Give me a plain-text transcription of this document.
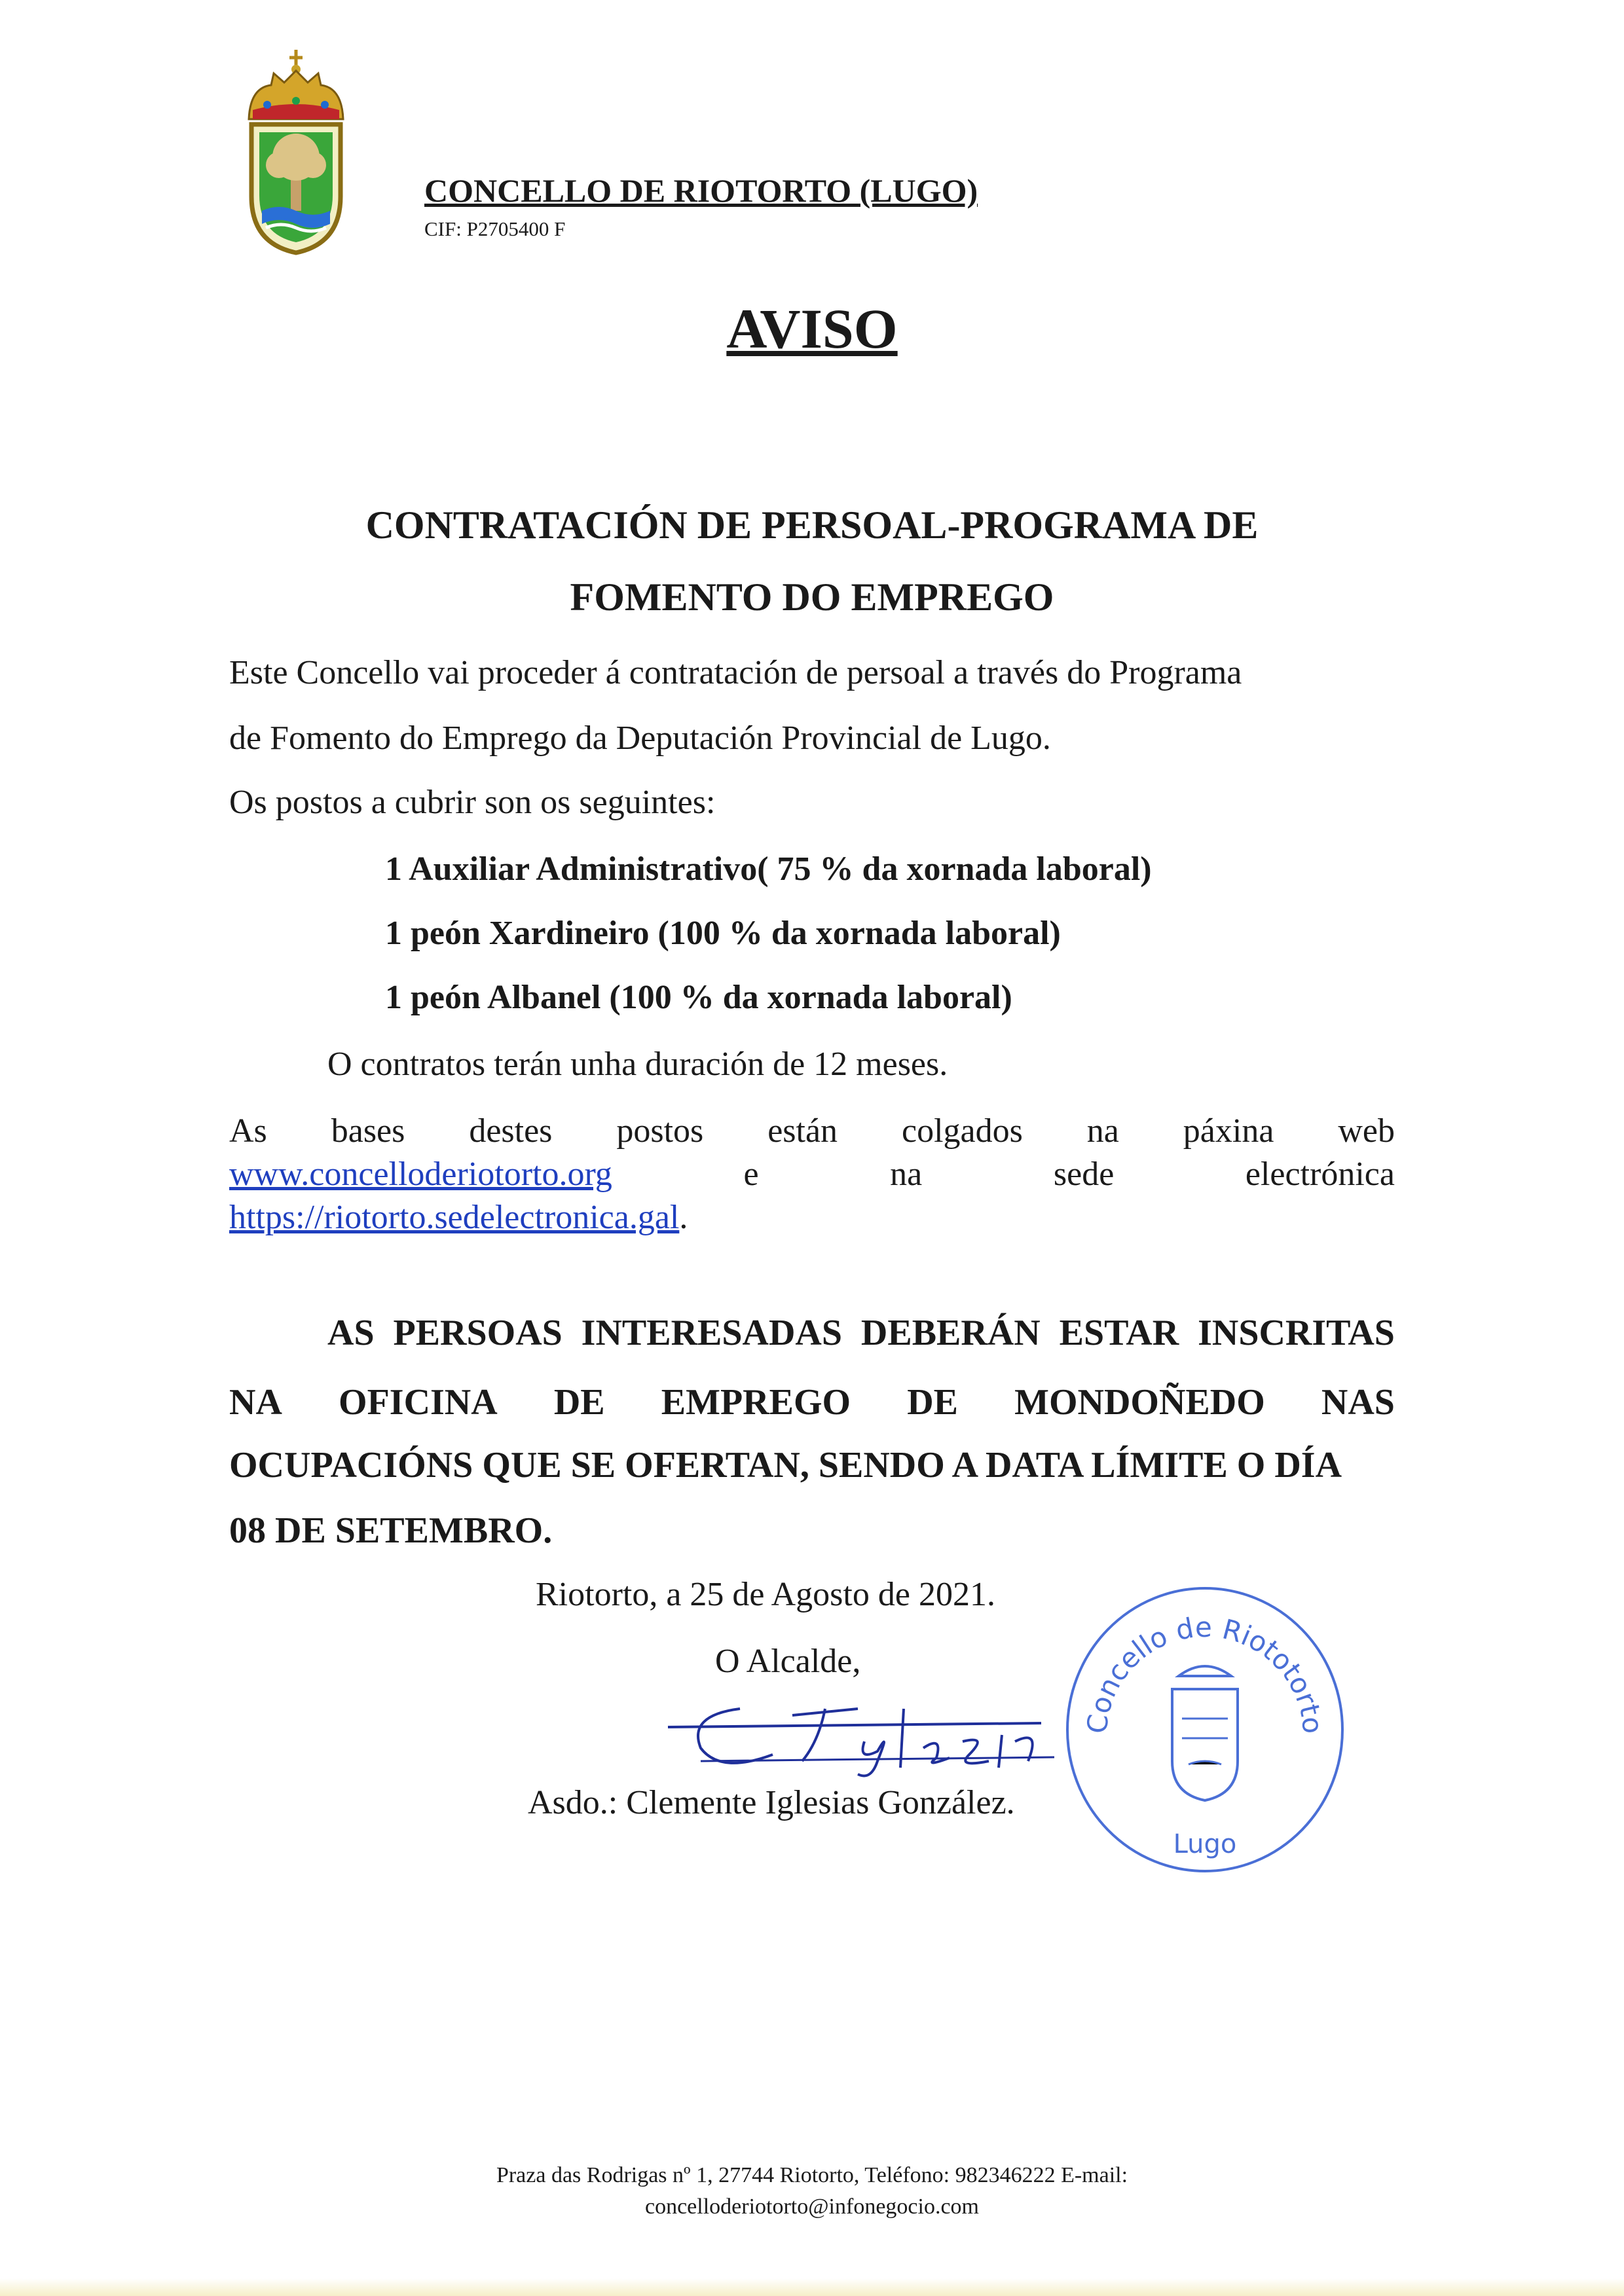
CONCELLO DE RIOTORTO (LUGO)
CIF: P2705400 F
AVISO
CONTRATACIÓN DE PERSOAL-PROGRAMA DE
FOMENTO DO EMPREGO
Este Concello vai proceder á contratación de persoal a través do Programa
de Fomento do Emprego da Deputación Provincial de Lugo.
Os postos a cubrir son os seguintes:
1 Auxiliar Administrativo( 75 % da xornada laboral)
1 peón Xardineiro (100 % da xornada laboral)
1 peón Albanel (100 % da xornada laboral)
O contratos terán unha duración de 12 meses.
As bases destes postos están colgados na páxina web
www.concelloderiotorto.org	e	na	sede	electrónica
https://riotorto.sedelectronica.gal.
AS PERSOAS INTERESADAS DEBERÁN ESTAR INSCRITAS
NA OFICINA DE EMPREGO DE MONDOÑEDO NAS
OCUPACIÓNS QUE SE OFERTAN, SENDO A DATA LÍMITE O DÍA
08 DE SETEMBRO.
Riotorto, a 25 de Agosto de 2021.
O Alcalde,
Concello de Riototorto
Lugo
Asdo.: Clemente Iglesias González.
Praza das Rodrigas nº 1, 27744 Riotorto, Teléfono: 982346222 E-mail:
concelloderiotorto@infonegocio.com
